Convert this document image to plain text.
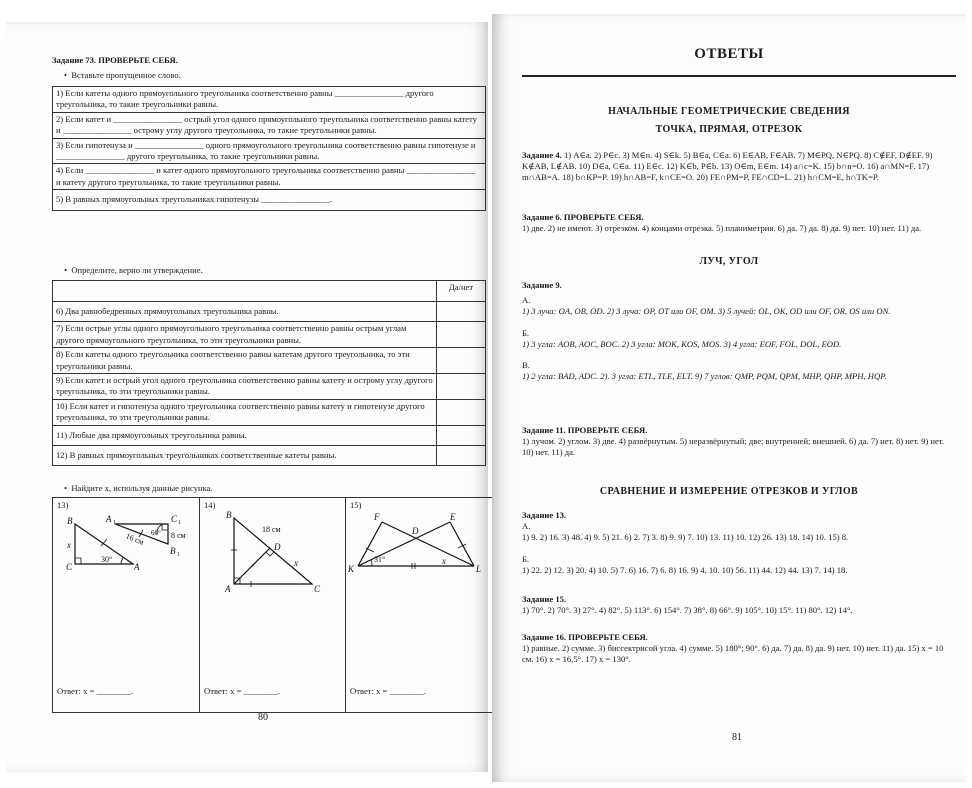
Задание 73. ПРОВЕРЬТЕ СЕБЯ.
•  Вставьте пропущенное слово.
1) Если катеты одного прямоугольного треугольника соответственно равны ________________ другого треугольника, то такие треугольники равны.
2) Если катет и ________________ острый угол одного прямоугольного треугольника соответственно равны катету и ________________ острому углу другого треугольника, то такие треугольники равны.
3) Если гипотенуза и ________________ одного прямоугольного треугольника соответственно равны гипотенузе и ________________ другого треугольника, то такие треугольники равны.
4) Если ________________ и катет одного прямоугольного треугольника соответственно равны ________________ и катету другого треугольника, то такие треугольники равны.
5) В равных прямоугольных треугольниках гипотенузы ________________.
•  Определите, верно ли утверждение.
	Да/нет
6) Два равнобедренных прямоугольных треугольника равны.	
7) Если острые углы одного прямоугольного треугольника соответственно равны острым углам другого прямоугольного треугольника, то эти треугольники равны.	
8) Если катеты одного треугольника соответственно равны катетам другого треугольника, то эти треугольники равны.	
9) Если катет и острый угол одного треугольника соответственно равны катету и острому углу другого треугольника, то эти треугольники равны.	
10) Если катет и гипотенуза одного треугольника соответственно равны катету и гипотенузе другого треугольника, то эти треугольники равны.	
11) Любые два прямоугольных треугольника равны.	
12) В равных прямоугольных треугольниках соответственные катеты равны.	
•  Найдите x, используя данные рисунка.
13)
B
C	A
x
30°
A 1	C 1
B 1
8 см
60°
16 см
Ответ: x = ________.
14)
B
A	C
D
x
18 см
Ответ: x = ________.
15)
F	E
D
K	L
x
31°
Ответ: x = ________.
80
ОТВЕТЫ
НАЧАЛЬНЫЕ ГЕОМЕТРИЧЕСКИЕ СВЕДЕНИЯ
ТОЧКА, ПРЯМАЯ, ОТРЕЗОК
Задание 4. 1) A∈a. 2) P∈c. 3) M∈n. 4) S∈k. 5) B∈a, C∈a. 6) E∈AB, F∈AB. 7) M∈PQ, N∈PQ. 8) C∉EF, D∉EF. 9) K∉AB, L∉AB. 10) D∈a, C∈a. 11) E∈c. 12) K∈b, P∈b. 13) O∈m, E∈m. 14) a∩c=K. 15) b∩n=O. 16) a∩MN=F. 17) m∩AB=A. 18) b∩KP=P. 19) h∩AB=F, k∩CE=O. 20) FE∩PM=P, FE∩CD=L. 21) h∩CM=E, h∩TK=P.
Задание 6. ПРОВЕРЬТЕ СЕБЯ.
1) две. 2) не имеют. 3) отрезком. 4) концами отрезка. 5) планиметрия. 6) да. 7) да. 8) да. 9) нет. 10) нет. 11) да.
ЛУЧ, УГОЛ
Задание 9.
А.
1) 3 луча: OA, OB, OD. 2) 3 луча: OP, OT или OF, OM. 3) 5 лучей: OL, OK, OD или OF, OR, OS или ON.
Б.
1) 3 угла: AOB, AOC, BOC. 2) 3 угла: MOK, KOS, MOS. 3) 4 угла: EOF, FOL, DOL, EOD.
В.
1) 2 угла: BAD, ADC. 2). 3 угла: ETL, TLE, ELT. 9) 7 углов: QMP, PQM, QPM, MHP, QHP, MPH, HQP.
Задание 11. ПРОВЕРЬТЕ СЕБЯ.
1) лучом. 2) углом. 3) две. 4) развёрнутым. 5) неразвёрнутый; две; внутренней; внешней. 6) да. 7) нет. 8) нет. 9) нет. 10) нет. 11) да.
СРАВНЕНИЕ И ИЗМЕРЕНИЕ ОТРЕЗКОВ И УГЛОВ
Задание 13.
А.
1) 9. 2) 16. 3) 48. 4) 9. 5) 21. 6) 2. 7) 3. 8) 9. 9) 7. 10) 13. 11) 10. 12) 26. 13) 18. 14) 10. 15) 8.
Б.
1) 22. 2) 12. 3) 20. 4) 10. 5) 7. 6) 16. 7) 6. 8) 16. 9) 4, 10. 10) 56. 11) 44. 12) 44. 13) 7. 14) 18.
Задание 15.
1) 70°. 2) 70°. 3) 27°. 4) 82°. 5) 113°. 6) 154°. 7) 38°. 8) 66°. 9) 105°. 10) 15°. 11) 80°. 12) 14°.
Задание 16. ПРОВЕРЬТЕ СЕБЯ.
1) равные. 2) сумме. 3) биссектрисой угла. 4) сумме. 5) 180°; 90°. 6) да. 7) да. 8) да. 9) нет. 10) нет. 11) да. 15) x = 10 см. 16) x = 16,5°. 17) x = 130°.
81
